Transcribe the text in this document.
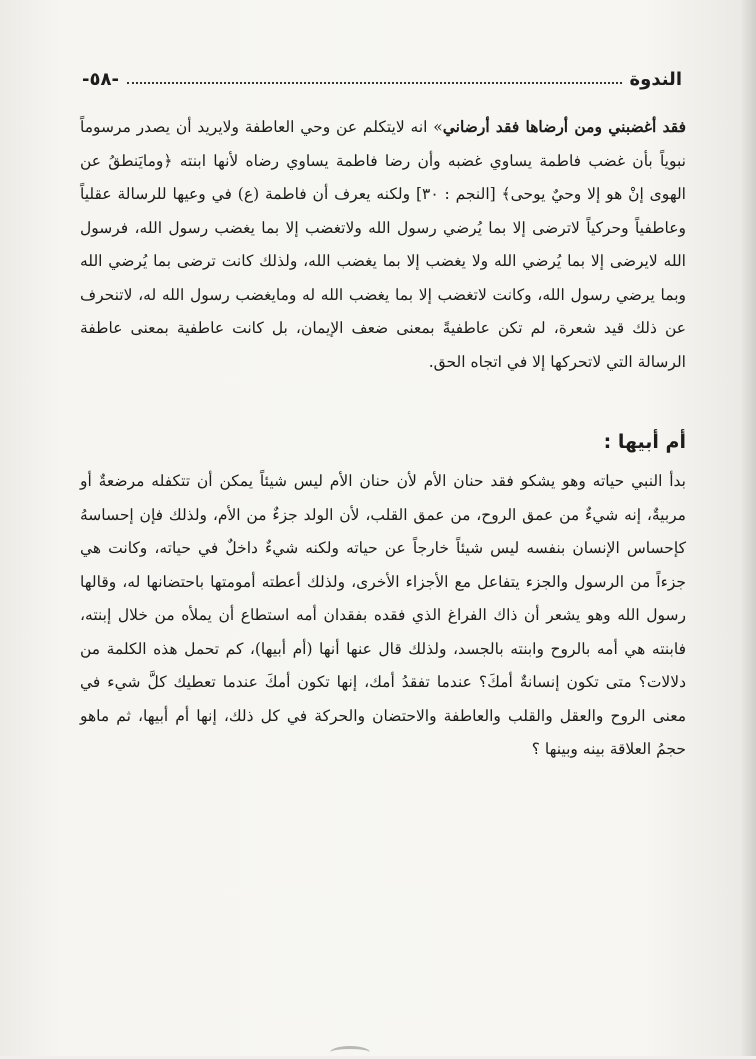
الندوة
-٥٨-

فقد أغضبني ومن أرضاها فقد أرضاني» انه لايتكلم عن وحي العاطفة ولايريد أن يصدر مرسوماً نبوياً بأن غضب فاطمة يساوي غضبه وأن رضا فاطمة يساوي رضاه لأنها ابنته ﴿ومايَنطقُ عن الهوى إنْ هو إلا وحيٌ يوحى﴾ [النجم : ٣٠] ولكنه يعرف أن فاطمة (ع) في وعيها للرسالة عقلياً وعاطفياً وحركياً لاترضى إلا بما يُرضي رسول الله ولاتغضب إلا بما يغضب رسول الله، فرسول الله لايرضى إلا بما يُرضي الله ولا يغضب إلا بما يغضب الله، ولذلك كانت ترضى بما يُرضي الله وبما يرضي رسول الله، وكانت لاتغضب إلا بما يغضب الله له ومايغضب رسول الله له، لاتنحرف عن ذلك قيد شعرة، لم تكن عاطفيةً بمعنى ضعف الإيمان، بل كانت عاطفية بمعنى عاطفة الرسالة التي لاتحركها إلا في اتجاه الحق.

أم أبيها :

بدأ النبي حياته وهو يشكو فقد حنان الأم لأن حنان الأم ليس شيئاً يمكن أن تتكفله مرضعةٌ أو مربيةٌ، إنه شيءٌ من عمق الروح، من عمق القلب، لأن الولد جزءٌ من الأم، ولذلك فإن إحساسهُ كإحساس الإنسان بنفسه ليس شيئاً خارجاً عن حياته ولكنه شيءٌ داخلٌ في حياته، وكانت هي جزءاً من الرسول والجزء يتفاعل مع الأجزاء الأخرى، ولذلك أعطته أمومتها باحتضانها له، وقالها رسول الله وهو يشعر أن ذاك الفراغ الذي فقده بفقدان أمه استطاع أن يملأه من خلال إبنته، فابنته هي أمه بالروح وابنته بالجسد، ولذلك قال عنها أنها (أم أبيها)، كم تحمل هذه الكلمة من دلالات؟ متى تكون إنسانةٌ أمكَ؟ عندما تفقدُ أمك، إنها تكون أمكَ عندما تعطيك كلَّ شيء في معنى الروح والعقل والقلب والعاطفة والاحتضان والحركة في كل ذلك، إنها أم أبيها، ثم ماهو حجمُ العلاقة بينه وبينها ؟
